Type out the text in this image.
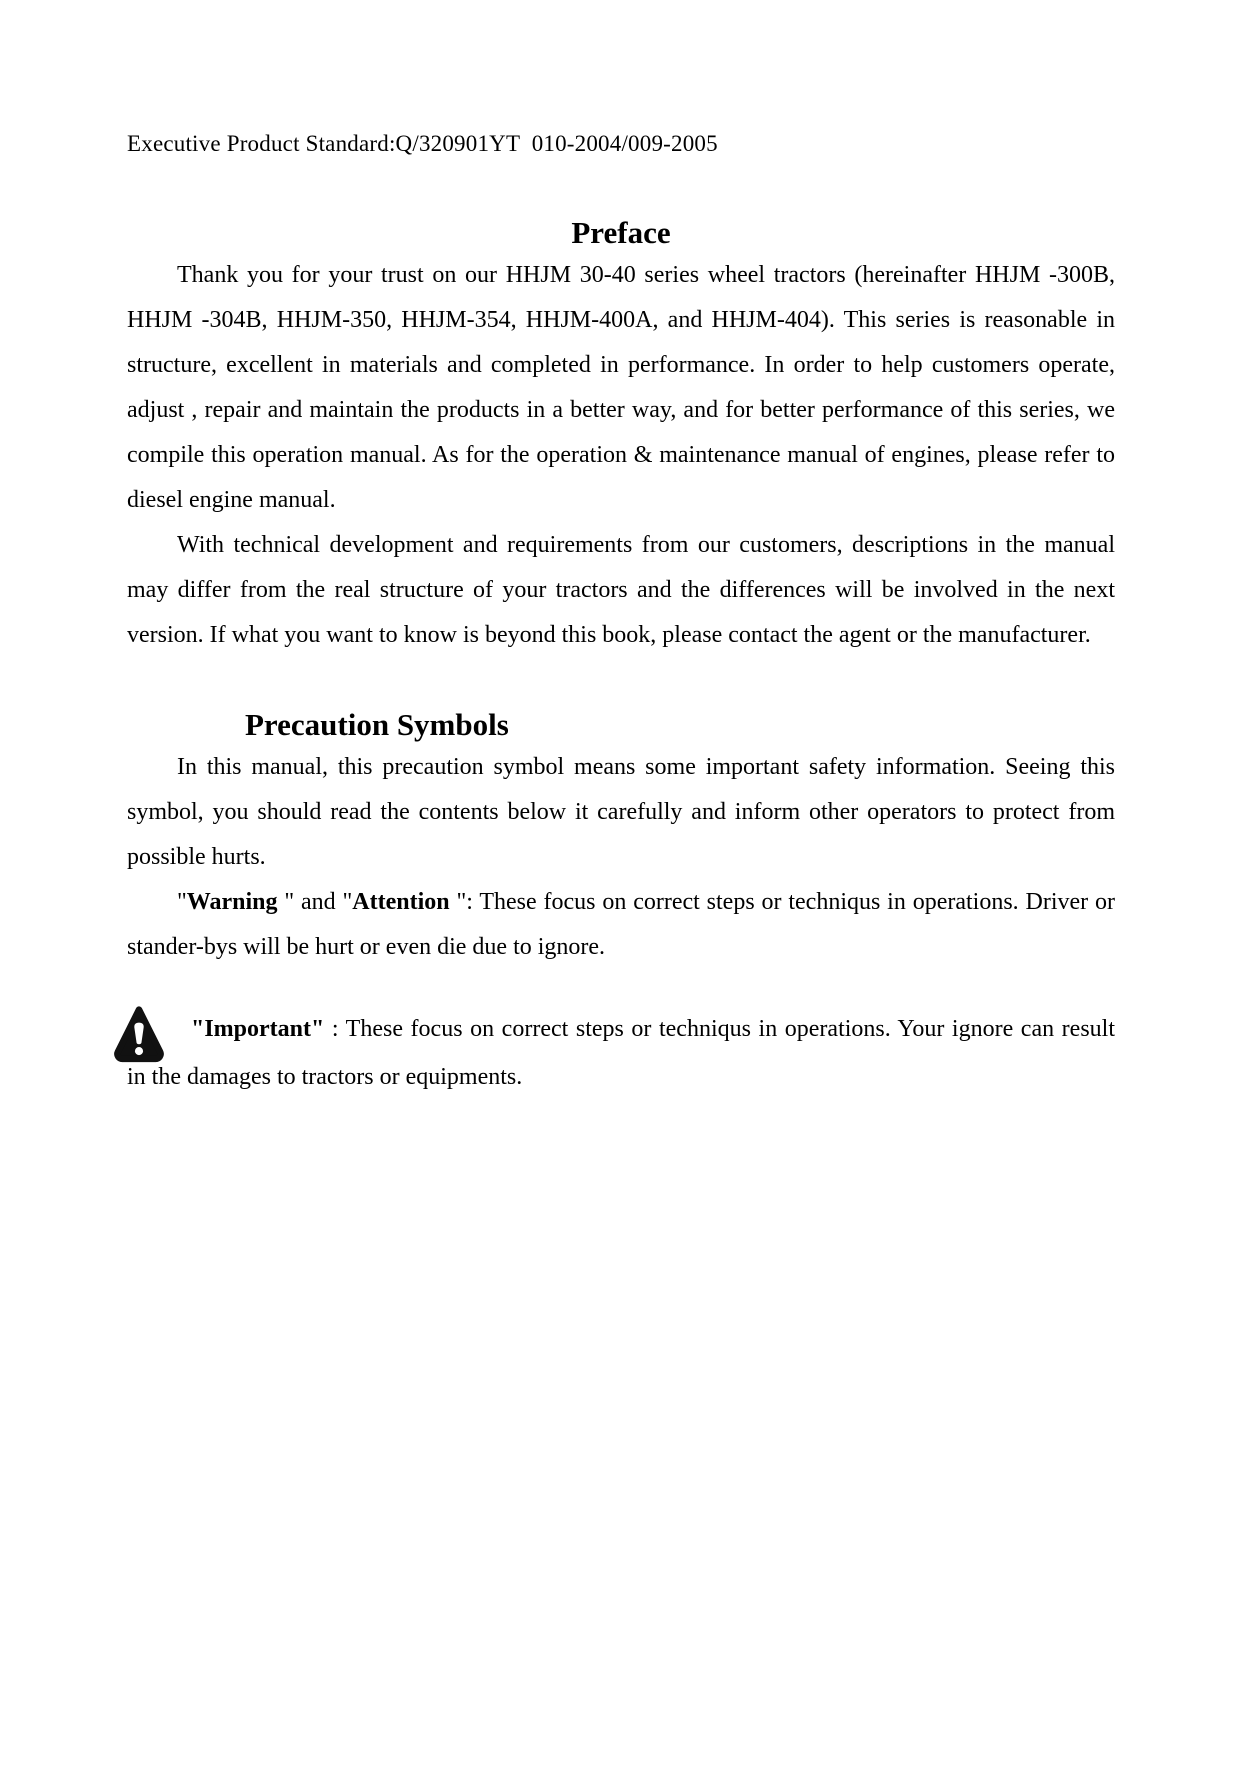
Executive Product Standard:Q/320901YT  010-2004/009-2005
Preface

Thank you for your trust on our HHJM 30-40 series wheel tractors (hereinafter HHJM -300B, HHJM -304B, HHJM-350, HHJM-354, HHJM-400A, and HHJM-404). This series is reasonable in structure, excellent in materials and completed in performance. In order to help customers operate, adjust , repair and maintain the products in a better way, and for better performance of this series, we compile this operation manual. As for the operation & maintenance manual of engines, please refer to diesel engine manual.

With technical development and requirements from our customers, descriptions in the manual may differ from the real structure of your tractors and the differences will be involved in the next version. If what you want to know is beyond this book, please contact the agent or the manufacturer.

Precaution Symbols

In this manual, this precaution symbol means some important safety information. Seeing this symbol, you should read the contents below it carefully and inform other operators to protect from possible hurts.

"Warning " and "Attention ": These focus on correct steps or techniqus in operations. Driver or stander-bys will be hurt or even die due to ignore.

"Important" : These focus on correct steps or techniqus in operations. Your ignore can result in the damages to tractors or equipments.
